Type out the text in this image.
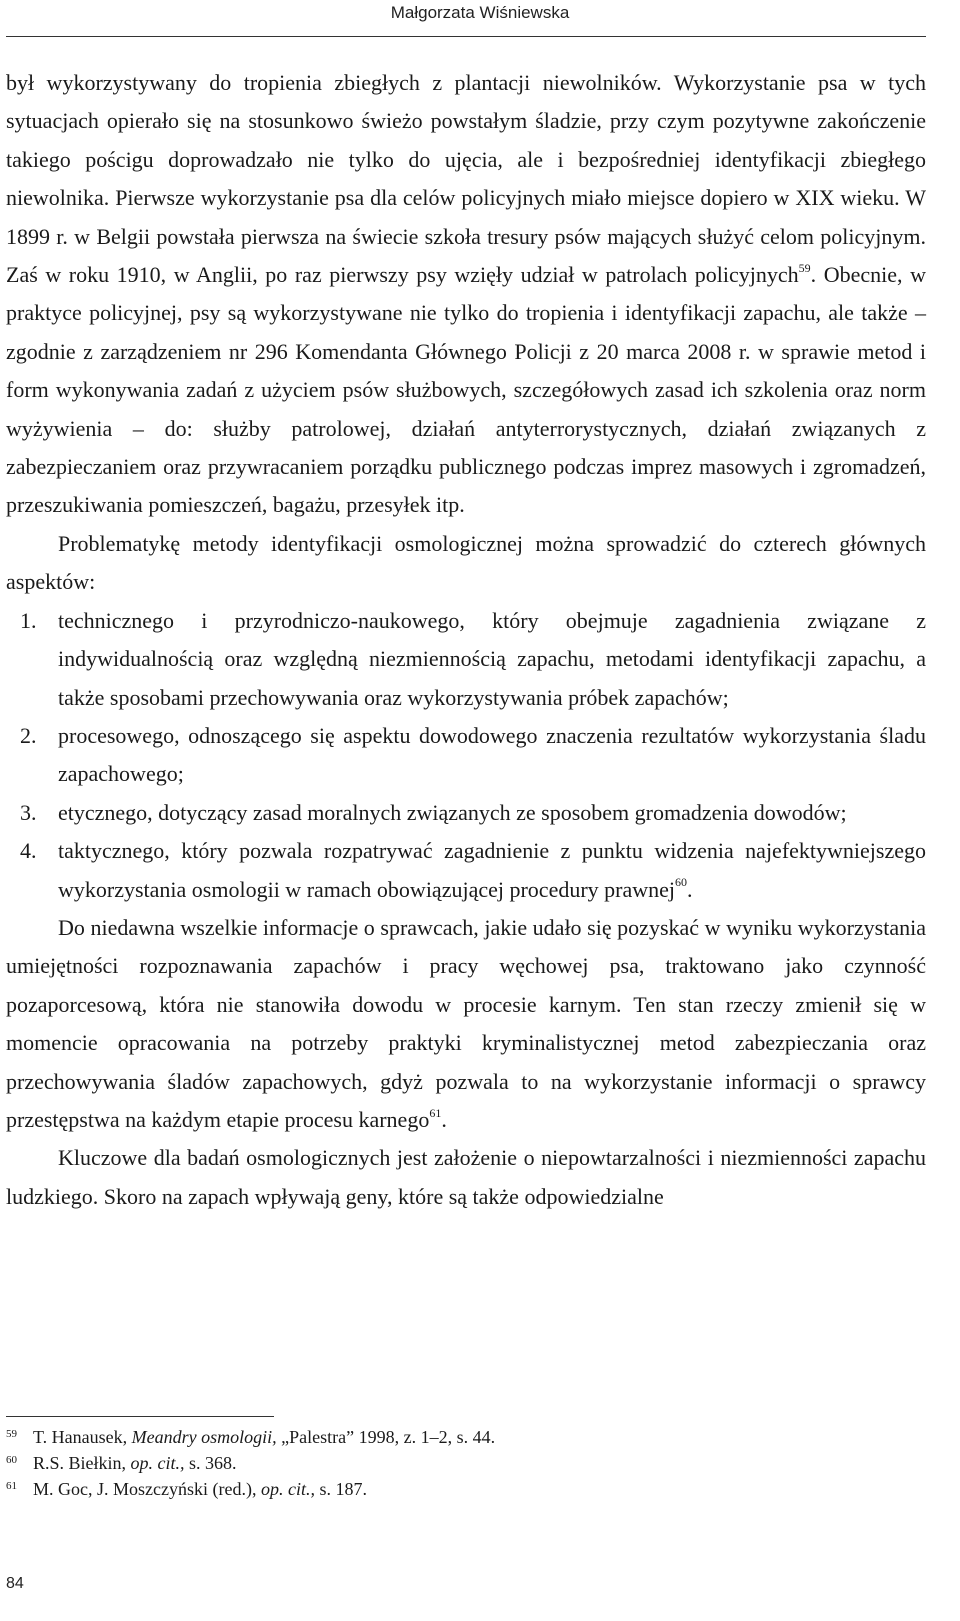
Małgorzata Wiśniewska

był wykorzystywany do tropienia zbiegłych z plantacji niewolników. Wykorzystanie psa w tych sytuacjach opierało się na stosunkowo świeżo powstałym śladzie, przy czym pozytywne zakończenie takiego pościgu doprowadzało nie tylko do ujęcia, ale i bezpośredniej identyfikacji zbiegłego niewolnika. Pierwsze wykorzystanie psa dla celów policyjnych miało miejsce dopiero w XIX wieku. W 1899 r. w Belgii powstała pierwsza na świecie szkoła tresury psów mających służyć celom policyjnym. Zaś w roku 1910, w Anglii, po raz pierwszy psy wzięły udział w patrolach policyjnych$^{59}$. Obecnie, w praktyce policyjnej, psy są wykorzystywane nie tylko do tropienia i identyfikacji zapachu, ale także – zgodnie z zarządzeniem nr 296 Komendanta Głównego Policji z 20 marca 2008 r. w sprawie metod i form wykonywania zadań z użyciem psów służbowych, szczegółowych zasad ich szkolenia oraz norm wyżywienia – do: służby patrolowej, działań antyterrorystycznych, działań związanych z zabezpieczaniem oraz przywracaniem porządku publicznego podczas imprez masowych i zgromadzeń, przeszukiwania pomieszczeń, bagażu, przesyłek itp.

Problematykę metody identyfikacji osmologicznej można sprowadzić do czterech głównych aspektów:

1. technicznego i przyrodniczo-naukowego, który obejmuje zagadnienia związane z indywidualnością oraz względną niezmiennością zapachu, metodami identyfikacji zapachu, a także sposobami przechowywania oraz wykorzystywania próbek zapachów;
2. procesowego, odnoszącego się aspektu dowodowego znaczenia rezultatów wykorzystania śladu zapachowego;
3. etycznego, dotyczący zasad moralnych związanych ze sposobem gromadzenia dowodów;
4. taktycznego, który pozwala rozpatrywać zagadnienie z punktu widzenia najefektywniejszego wykorzystania osmologii w ramach obowiązującej procedury prawnej$^{60}$.

Do niedawna wszelkie informacje o sprawcach, jakie udało się pozyskać w wyniku wykorzystania umiejętności rozpoznawania zapachów i pracy węchowej psa, traktowano jako czynność pozaporcesową, która nie stanowiła dowodu w procesie karnym. Ten stan rzeczy zmienił się w momencie opracowania na potrzeby praktyki kryminalistycznej metod zabezpieczania oraz przechowywania śladów zapachowych, gdyż pozwala to na wykorzystanie informacji o sprawcy przestępstwa na każdym etapie procesu karnego$^{61}$.

Kluczowe dla badań osmologicznych jest założenie o niepowtarzalności i niezmienności zapachu ludzkiego. Skoro na zapach wpływają geny, które są także odpowiedzialne

59 T. Hanausek, Meandry osmologii, „Palestra” 1998, z. 1–2, s. 44.
60 R.S. Biełkin, op. cit., s. 368.
61 M. Goc, J. Moszczyński (red.), op. cit., s. 187.
84
